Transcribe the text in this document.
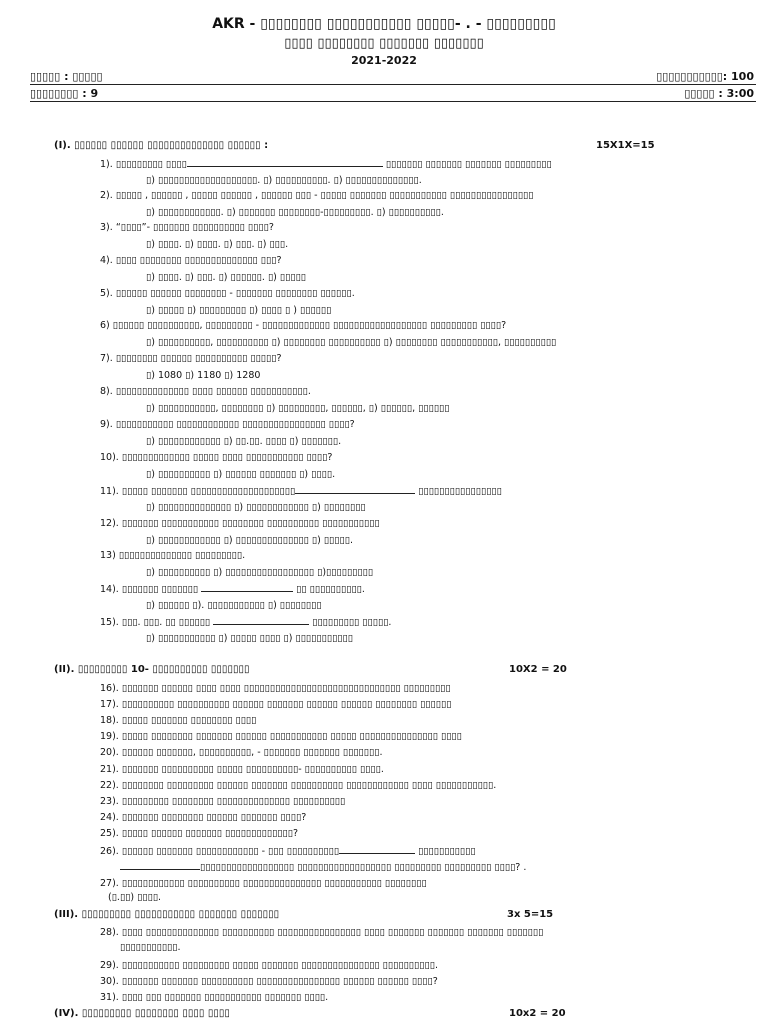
AKR - ▯▯▯▯▯▯▯▯ ▯▯▯▯▯▯▯▯▯▯▯ ▯▯▯▯▯- . - ▯▯▯▯▯▯▯▯▯
▯▯▯▯ ▯▯▯▯▯▯▯▯ ▯▯▯▯▯▯▯ ▯▯▯▯▯▯▯
2021-2022
▯▯▯▯▯ : ▯▯▯▯▯	▯▯▯▯▯▯▯▯▯▯▯: 100
▯▯▯▯▯▯▯▯ : 9	▯▯▯▯▯ : 3:00
(I). ▯▯▯▯▯▯ ▯▯▯▯▯▯ ▯▯▯▯▯▯▯▯▯▯▯▯▯▯ ▯▯▯▯▯▯ :	15X1X=15
1). ▯▯▯▯▯▯▯▯▯ ▯▯▯▯	▯▯▯▯▯▯▯ ▯▯▯▯▯▯▯ ▯▯▯▯▯▯▯ ▯▯▯▯▯▯▯▯▯
▯) ▯▯▯▯▯▯▯▯▯▯▯▯▯▯▯▯▯▯▯. ▯) ▯▯▯▯▯▯▯▯▯▯. ▯) ▯▯▯▯▯▯▯▯▯▯▯▯▯▯.
2). ▯▯▯▯▯ , ▯▯▯▯▯▯ , ▯▯▯▯▯ ▯▯▯▯▯▯ , ▯▯▯▯▯▯ ▯▯▯ - ▯▯▯▯▯ ▯▯▯▯▯▯▯ ▯▯▯▯▯▯▯▯▯▯▯ ▯▯▯▯▯▯▯▯▯▯▯▯▯▯▯▯
▯) ▯▯▯▯▯▯▯▯▯▯▯▯. ▯) ▯▯▯▯▯▯▯ ▯▯▯▯▯▯▯▯-▯▯▯▯▯▯▯▯▯. ▯) ▯▯▯▯▯▯▯▯▯▯.
3). “▯▯▯▯”- ▯▯▯▯▯▯▯ ▯▯▯▯▯▯▯▯▯▯ ▯▯▯▯?
▯) ▯▯▯▯. ▯) ▯▯▯▯. ▯) ▯▯▯. ▯) ▯▯▯.
4). ▯▯▯▯ ▯▯▯▯▯▯▯▯ ▯▯▯▯▯▯▯▯▯▯▯▯▯▯ ▯▯▯?
▯) ▯▯▯▯. ▯) ▯▯▯. ▯) ▯▯▯▯▯▯. ▯) ▯▯▯▯▯
5). ▯▯▯▯▯▯ ▯▯▯▯▯▯ ▯▯▯▯▯▯▯▯ - ▯▯▯▯▯▯▯ ▯▯▯▯▯▯▯▯ ▯▯▯▯▯▯.
▯) ▯▯▯▯▯ ▯) ▯▯▯▯▯▯▯▯▯ ▯) ▯▯▯▯ ▯ ) ▯▯▯▯▯▯
6) ▯▯▯▯▯▯ ▯▯▯▯▯▯▯▯▯▯, ▯▯▯▯▯▯▯▯▯ - ▯▯▯▯▯▯▯▯▯▯▯▯▯ ▯▯▯▯▯▯▯▯▯▯▯▯▯▯▯▯▯▯ ▯▯▯▯▯▯▯▯▯ ▯▯▯▯?
▯) ▯▯▯▯▯▯▯▯▯▯, ▯▯▯▯▯▯▯▯▯▯ ▯) ▯▯▯▯▯▯▯▯ ▯▯▯▯▯▯▯▯▯▯ ▯) ▯▯▯▯▯▯▯▯ ▯▯▯▯▯▯▯▯▯▯▯, ▯▯▯▯▯▯▯▯▯▯
7). ▯▯▯▯▯▯▯▯ ▯▯▯▯▯▯ ▯▯▯▯▯▯▯▯▯▯ ▯▯▯▯▯?
▯) 1080 ▯) 1180 ▯) 1280
8). ▯▯▯▯▯▯▯▯▯▯▯▯▯▯ ▯▯▯▯ ▯▯▯▯▯▯ ▯▯▯▯▯▯▯▯▯▯▯.
▯) ▯▯▯▯▯▯▯▯▯▯▯, ▯▯▯▯▯▯▯▯ ▯) ▯▯▯▯▯▯▯▯▯, ▯▯▯▯▯▯, ▯) ▯▯▯▯▯▯, ▯▯▯▯▯▯
9). ▯▯▯▯▯▯▯▯▯▯▯ ▯▯▯▯▯▯▯▯▯▯▯▯ ▯▯▯▯▯▯▯▯▯▯▯▯▯▯▯▯ ▯▯▯▯?
▯) ▯▯▯▯▯▯▯▯▯▯▯▯ ▯) ▯▯.▯▯. ▯▯▯▯ ▯) ▯▯▯▯▯▯▯.
10). ▯▯▯▯▯▯▯▯▯▯▯▯▯ ▯▯▯▯▯ ▯▯▯▯ ▯▯▯▯▯▯▯▯▯▯▯ ▯▯▯▯?
▯) ▯▯▯▯▯▯▯▯▯▯ ▯) ▯▯▯▯▯▯ ▯▯▯▯▯▯▯ ▯) ▯▯▯▯.
11). ▯▯▯▯▯ ▯▯▯▯▯▯▯ ▯▯▯▯▯▯▯▯▯▯▯▯▯▯▯▯▯▯▯▯	▯▯▯▯▯▯▯▯▯▯▯▯▯▯▯▯
▯) ▯▯▯▯▯▯▯▯▯▯▯▯▯▯ ▯) ▯▯▯▯▯▯▯▯▯▯▯▯ ▯) ▯▯▯▯▯▯▯▯
12). ▯▯▯▯▯▯▯ ▯▯▯▯▯▯▯▯▯▯▯ ▯▯▯▯▯▯▯▯ ▯▯▯▯▯▯▯▯▯▯ ▯▯▯▯▯▯▯▯▯▯▯
▯) ▯▯▯▯▯▯▯▯▯▯▯▯ ▯) ▯▯▯▯▯▯▯▯▯▯▯▯▯▯ ▯) ▯▯▯▯▯.
13) ▯▯▯▯▯▯▯▯▯▯▯▯▯▯ ▯▯▯▯▯▯▯▯▯.
▯) ▯▯▯▯▯▯▯▯▯▯ ▯) ▯▯▯▯▯▯▯▯▯▯▯▯▯▯▯▯▯ ▯)▯▯▯▯▯▯▯▯▯
14). ▯▯▯▯▯▯▯ ▯▯▯▯▯▯▯	▯▯ ▯▯▯▯▯▯▯▯▯▯.
▯) ▯▯▯▯▯▯ ▯). ▯▯▯▯▯▯▯▯▯▯▯ ▯) ▯▯▯▯▯▯▯▯
15). ▯▯▯. ▯▯▯. ▯▯ ▯▯▯▯▯▯	▯▯▯▯▯▯▯▯▯ ▯▯▯▯▯.
▯) ▯▯▯▯▯▯▯▯▯▯▯ ▯) ▯▯▯▯▯ ▯▯▯▯ ▯) ▯▯▯▯▯▯▯▯▯▯▯
(II). ▯▯▯▯▯▯▯▯▯ 10- ▯▯▯▯▯▯▯▯▯▯ ▯▯▯▯▯▯▯	10X2 = 20
16). ▯▯▯▯▯▯▯ ▯▯▯▯▯▯ ▯▯▯▯ ▯▯▯▯ ▯▯▯▯▯▯▯▯▯▯▯▯▯▯▯▯▯▯▯▯▯▯▯▯▯▯▯▯▯▯ ▯▯▯▯▯▯▯▯▯
17). ▯▯▯▯▯▯▯▯▯▯ ▯▯▯▯▯▯▯▯▯▯ ▯▯▯▯▯▯ ▯▯▯▯▯▯▯ ▯▯▯▯▯▯ ▯▯▯▯▯▯ ▯▯▯▯▯▯▯▯ ▯▯▯▯▯▯
18). ▯▯▯▯▯ ▯▯▯▯▯▯▯ ▯▯▯▯▯▯▯▯ ▯▯▯▯
19). ▯▯▯▯▯ ▯▯▯▯▯▯▯▯ ▯▯▯▯▯▯▯ ▯▯▯▯▯▯ ▯▯▯▯▯▯▯▯▯▯▯ ▯▯▯▯▯ ▯▯▯▯▯▯▯▯▯▯▯▯▯▯▯ ▯▯▯▯
20). ▯▯▯▯▯▯ ▯▯▯▯▯▯▯, ▯▯▯▯▯▯▯▯▯▯, - ▯▯▯▯▯▯▯ ▯▯▯▯▯▯▯ ▯▯▯▯▯▯▯.
21). ▯▯▯▯▯▯▯ ▯▯▯▯▯▯▯▯▯▯ ▯▯▯▯▯ ▯▯▯▯▯▯▯▯▯▯- ▯▯▯▯▯▯▯▯▯▯ ▯▯▯▯.
22). ▯▯▯▯▯▯▯▯ ▯▯▯▯▯▯▯▯▯ ▯▯▯▯▯▯ ▯▯▯▯▯▯▯ ▯▯▯▯▯▯▯▯▯▯ ▯▯▯▯▯▯▯▯▯▯▯▯ ▯▯▯▯ ▯▯▯▯▯▯▯▯▯▯▯.
23). ▯▯▯▯▯▯▯▯▯ ▯▯▯▯▯▯▯▯ ▯▯▯▯▯▯▯▯▯▯▯▯▯▯ ▯▯▯▯▯▯▯▯▯▯
24). ▯▯▯▯▯▯▯ ▯▯▯▯▯▯▯▯ ▯▯▯▯▯▯ ▯▯▯▯▯▯▯ ▯▯▯▯?
25). ▯▯▯▯▯ ▯▯▯▯▯▯ ▯▯▯▯▯▯▯ ▯▯▯▯▯▯▯▯▯▯▯▯▯?
26). ▯▯▯▯▯▯ ▯▯▯▯▯▯▯ ▯▯▯▯▯▯▯▯▯▯▯▯ - ▯▯▯ ▯▯▯▯▯▯▯▯▯▯	▯▯▯▯▯▯▯▯▯▯▯
▯▯▯▯▯▯▯▯▯▯▯▯▯▯▯▯▯▯ ▯▯▯▯▯▯▯▯▯▯▯▯▯▯▯▯▯▯ ▯▯▯▯▯▯▯▯▯ ▯▯▯▯▯▯▯▯▯ ▯▯▯▯? .
27). ▯▯▯▯▯▯▯▯▯▯▯▯ ▯▯▯▯▯▯▯▯▯▯ ▯▯▯▯▯▯▯▯▯▯▯▯▯▯▯ ▯▯▯▯▯▯▯▯▯▯▯ ▯▯▯▯▯▯▯▯
(▯.▯▯) ▯▯▯▯.
(III). ▯▯▯▯▯▯▯▯▯ ▯▯▯▯▯▯▯▯▯▯▯ ▯▯▯▯▯▯▯ ▯▯▯▯▯▯▯	3x 5=15
28). ▯▯▯▯ ▯▯▯▯▯▯▯▯▯▯▯▯▯▯ ▯▯▯▯▯▯▯▯▯▯ ▯▯▯▯▯▯▯▯▯▯▯▯▯▯▯▯ ▯▯▯▯ ▯▯▯▯▯▯▯ ▯▯▯▯▯▯▯ ▯▯▯▯▯▯▯ ▯▯▯▯▯▯▯
▯▯▯▯▯▯▯▯▯▯▯.
29). ▯▯▯▯▯▯▯▯▯▯▯ ▯▯▯▯▯▯▯▯▯ ▯▯▯▯▯ ▯▯▯▯▯▯▯ ▯▯▯▯▯▯▯▯▯▯▯▯▯▯▯ ▯▯▯▯▯▯▯▯▯▯.
30). ▯▯▯▯▯▯▯ ▯▯▯▯▯▯▯ ▯▯▯▯▯▯▯▯▯▯ ▯▯▯▯▯▯▯▯▯▯▯▯▯▯▯▯ ▯▯▯▯▯▯ ▯▯▯▯▯▯ ▯▯▯▯?
31). ▯▯▯▯ ▯▯▯ ▯▯▯▯▯▯▯ ▯▯▯▯▯▯▯▯▯▯▯ ▯▯▯▯▯▯▯ ▯▯▯▯.
(IV). ▯▯▯▯▯▯▯▯▯ ▯▯▯▯▯▯▯▯ ▯▯▯▯ ▯▯▯▯	10x2 = 20
